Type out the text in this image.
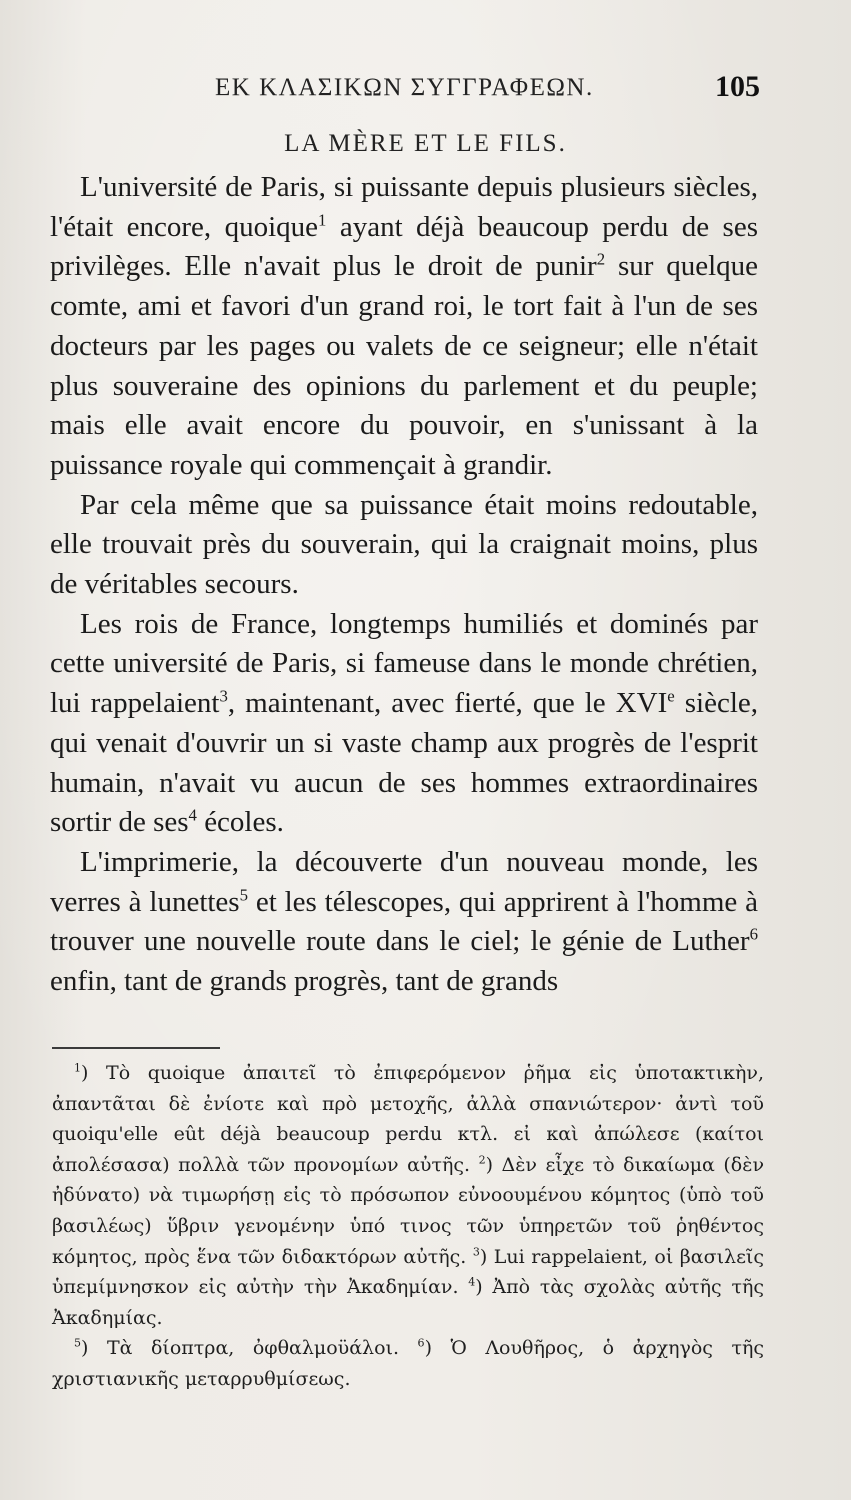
ΕΚ ΚΛΑΣΙΚΩΝ ΣΥΓΓΡΑΦΕΩΝ.	105
LA MÈRE ET LE FILS.

L'université de Paris, si puissante depuis plusieurs siècles, l'était encore, quoique$^1$ ayant déjà beaucoup perdu de ses privilèges. Elle n'avait plus le droit de punir$^2$ sur quelque comte, ami et favori d'un grand roi, le tort fait à l'un de ses docteurs par les pages ou valets de ce seigneur; elle n'était plus souveraine des opinions du parlement et du peuple; mais elle avait encore du pouvoir, en s'unissant à la puissance royale qui commençait à grandir.

Par cela même que sa puissance était moins redoutable, elle trouvait près du souverain, qui la craignait moins, plus de véritables secours.

Les rois de France, longtemps humiliés et dominés par cette université de Paris, si fameuse dans le monde chrétien, lui rappelaient$^3$, maintenant, avec fierté, que le XVIe siècle, qui venait d'ouvrir un si vaste champ aux progrès de l'esprit humain, n'avait vu aucun de ses hommes extraordinaires sortir de ses$^4$ écoles.

L'imprimerie, la découverte d'un nouveau monde, les verres à lunettes$^5$ et les télescopes, qui apprirent à l'homme à trouver une nouvelle route dans le ciel; le génie de Luther$^6$ enfin, tant de grands progrès, tant de grands

$^1$) Τὸ quoique ἀπαιτεῖ τὸ ἐπιφερόμενον ῥῆμα εἰς ὑποτακτικὴν, ἀπαντᾶται δὲ ἐνίοτε καὶ πρὸ μετοχῆς, ἀλλὰ σπανιώτερον· ἀντὶ τοῦ quoiqu'elle eût déjà beaucoup perdu κτλ. εἰ καὶ ἀπώλεσε (καίτοι ἀπολέσασα) πολλὰ τῶν προνομίων αὐτῆς. $^2$) Δὲν εἶχε τὸ δικαίωμα (δὲν ἠδύνατο) νὰ τιμωρήσῃ εἰς τὸ πρόσωπον εὐνοουμένου κόμητος (ὑπὸ τοῦ βασιλέως) ὕβριν γενομένην ὑπό τινος τῶν ὑπηρετῶν τοῦ ῥηθέντος κόμητος, πρὸς ἕνα τῶν διδακτόρων αὐτῆς. $^3$) Lui rappelaient, οἱ βασιλεῖς ὑπεμίμνησκον εἰς αὐτὴν τὴν Ἀκαδημίαν. $^4$) Ἀπὸ τὰς σχολὰς αὐτῆς τῆς Ἀκαδημίας.

$^5$) Τὰ δίοπτρα, ὀφθαλμοϋάλοι. $^6$) Ὁ Λουθῆρος, ὁ ἀρχηγὸς τῆς χριστιανικῆς μεταρρυθμίσεως.
